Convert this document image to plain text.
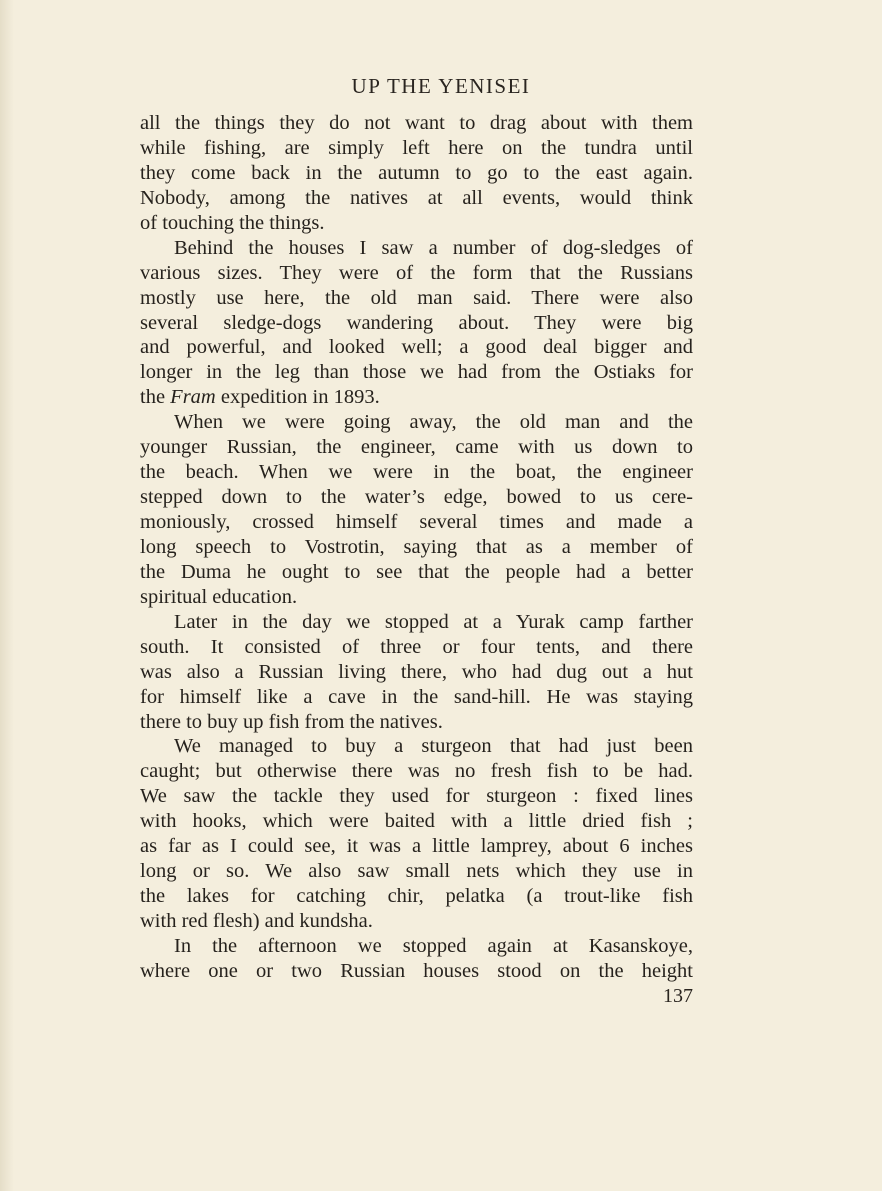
UP THE YENISEI
all the things they do not want to drag about with them
while fishing, are simply left here on the tundra until
they come back in the autumn to go to the east again.
Nobody, among the natives at all events, would think
of touching the things.
Behind the houses I saw a number of dog-sledges of
various sizes. They were of the form that the Russians
mostly use here, the old man said. There were also
several sledge-dogs wandering about. They were big
and powerful, and looked well; a good deal bigger and
longer in the leg than those we had from the Ostiaks for
the Fram expedition in 1893.
When we were going away, the old man and the
younger Russian, the engineer, came with us down to
the beach. When we were in the boat, the engineer
stepped down to the water’s edge, bowed to us cere-
moniously, crossed himself several times and made a
long speech to Vostrotin, saying that as a member of
the Duma he ought to see that the people had a better
spiritual education.
Later in the day we stopped at a Yurak camp farther
south. It consisted of three or four tents, and there
was also a Russian living there, who had dug out a hut
for himself like a cave in the sand-hill. He was staying
there to buy up fish from the natives.
We managed to buy a sturgeon that had just been
caught; but otherwise there was no fresh fish to be had.
We saw the tackle they used for sturgeon : fixed lines
with hooks, which were baited with a little dried fish ;
as far as I could see, it was a little lamprey, about 6 inches
long or so. We also saw small nets which they use in
the lakes for catching chir, pelatka (a trout-like fish
with red flesh) and kundsha.
In the afternoon we stopped again at Kasanskoye,
where one or two Russian houses stood on the height
137
